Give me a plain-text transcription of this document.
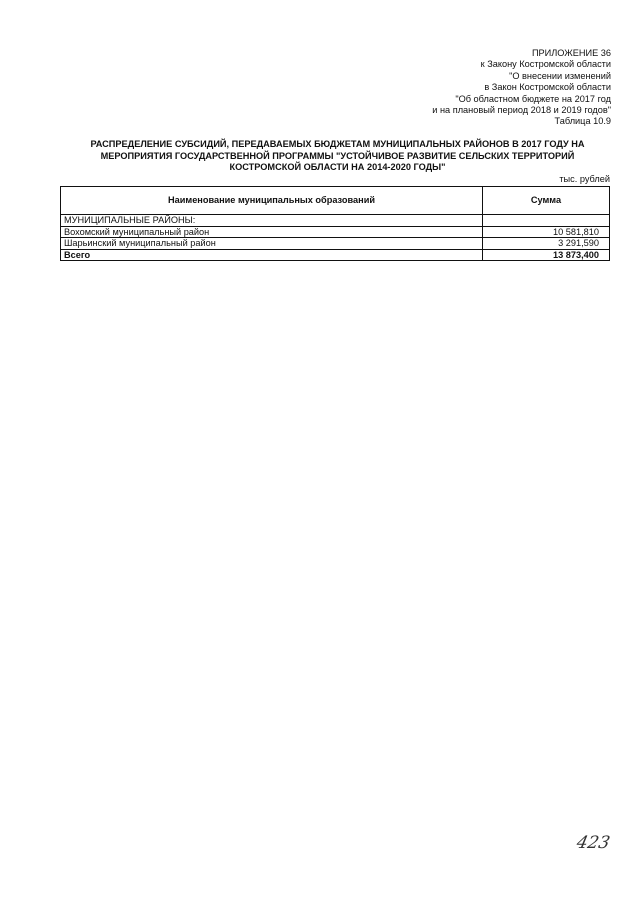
ПРИЛОЖЕНИЕ 36
к Закону Костромской области
"О внесении изменений
в Закон Костромской области
"Об областном бюджете на 2017 год
и на плановый период 2018 и 2019 годов"
Таблица 10.9
РАСПРЕДЕЛЕНИЕ СУБСИДИЙ, ПЕРЕДАВАЕМЫХ БЮДЖЕТАМ МУНИЦИПАЛЬНЫХ РАЙОНОВ В 2017 ГОДУ НА
МЕРОПРИЯТИЯ ГОСУДАРСТВЕННОЙ ПРОГРАММЫ "УСТОЙЧИВОЕ РАЗВИТИЕ СЕЛЬСКИХ ТЕРРИТОРИЙ
КОСТРОМСКОЙ ОБЛАСТИ НА 2014-2020 ГОДЫ"
тыс. рублей
Наименование муниципальных образований	Сумма
МУНИЦИПАЛЬНЫЕ РАЙОНЫ:	
Вохомский муниципальный район	10 581,810
Шарьинский муниципальный район	3 291,590
Всего	13 873,400
423
